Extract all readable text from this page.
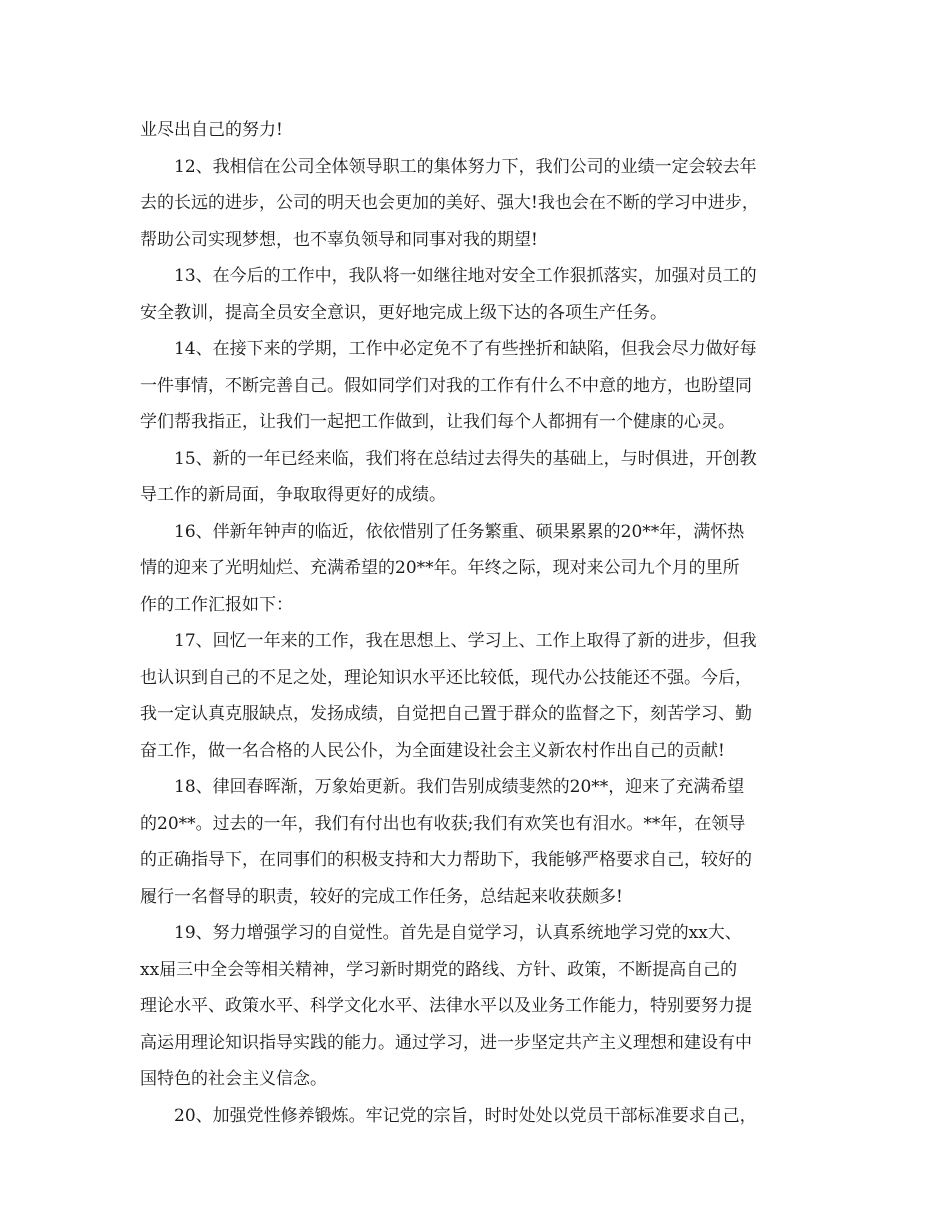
业尽出自己的努力!
12、我相信在公司全体领导职工的集体努力下，我们公司的业绩一定会较去年
去的长远的进步，公司的明天也会更加的美好、强大!我也会在不断的学习中进步，
帮助公司实现梦想，也不辜负领导和同事对我的期望!
13、在今后的工作中，我队将一如继往地对安全工作狠抓落实，加强对员工的
安全教训，提高全员安全意识，更好地完成上级下达的各项生产任务。
14、在接下来的学期，工作中必定免不了有些挫折和缺陷，但我会尽力做好每
一件事情，不断完善自己。假如同学们对我的工作有什么不中意的地方，也盼望同
学们帮我指正，让我们一起把工作做到，让我们每个人都拥有一个健康的心灵。
15、新的一年已经来临，我们将在总结过去得失的基础上，与时俱进，开创教
导工作的新局面，争取取得更好的成绩。
16、伴新年钟声的临近，依依惜别了任务繁重、硕果累累的20**年，满怀热
情的迎来了光明灿烂、充满希望的20**年。年终之际，现对来公司九个月的里所
作的工作汇报如下：
17、回忆一年来的工作，我在思想上、学习上、工作上取得了新的进步，但我
也认识到自己的不足之处，理论知识水平还比较低，现代办公技能还不强。今后，
我一定认真克服缺点，发扬成绩，自觉把自己置于群众的监督之下，刻苦学习、勤
奋工作，做一名合格的人民公仆，为全面建设社会主义新农村作出自己的贡献!
18、律回春晖渐，万象始更新。我们告别成绩斐然的20**，迎来了充满希望
的20**。过去的一年，我们有付出也有收获;我们有欢笑也有泪水。**年，在领导
的正确指导下，在同事们的积极支持和大力帮助下，我能够严格要求自己，较好的
履行一名督导的职责，较好的完成工作任务，总结起来收获颇多!
19、努力增强学习的自觉性。首先是自觉学习，认真系统地学习党的xx大、
xx届三中全会等相关精神，学习新时期党的路线、方针、政策，不断提高自己的
理论水平、政策水平、科学文化水平、法律水平以及业务工作能力，特别要努力提
高运用理论知识指导实践的能力。通过学习，进一步坚定共产主义理想和建设有中
国特色的社会主义信念。
20、加强党性修养锻炼。牢记党的宗旨，时时处处以党员干部标准要求自己，
